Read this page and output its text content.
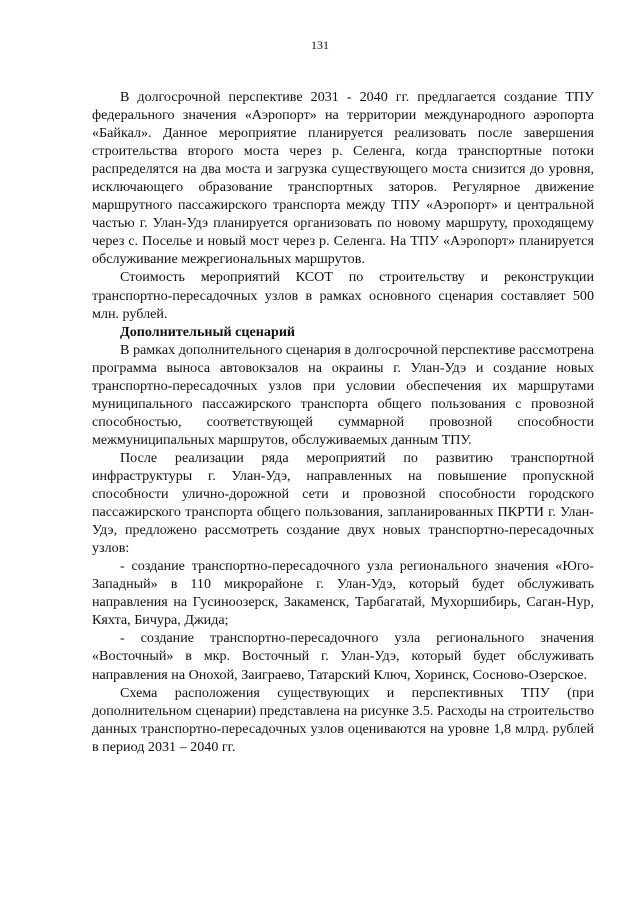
131

В долгосрочной перспективе 2031 - 2040 гг. предлагается создание ТПУ федерального значения «Аэропорт» на территории международного аэропорта «Байкал». Данное мероприятие планируется реализовать после завершения строительства второго моста через р. Селенга, когда транспортные потоки распределятся на два моста и загрузка существующего моста снизится до уровня, исключающего образование транспортных заторов. Регулярное движение маршрутного пассажирского транспорта между ТПУ «Аэропорт» и центральной частью г. Улан-Удэ планируется организовать по новому маршруту, проходящему через с. Поселье и новый мост через р. Селенга. На ТПУ «Аэропорт» планируется обслуживание межрегиональных маршрутов.

Стоимость мероприятий КСОТ по строительству и реконструкции транспортно-пересадочных узлов в рамках основного сценария составляет 500 млн. рублей.

Дополнительный сценарий

В рамках дополнительного сценария в долгосрочной перспективе рассмотрена программа выноса автовокзалов на окраины г. Улан-Удэ и создание новых транспортно-пересадочных узлов при условии обеспечения их маршрутами муниципального пассажирского транспорта общего пользования с провозной способностью, соответствующей суммарной провозной способности межмуниципальных маршрутов, обслуживаемых данным ТПУ.

После реализации ряда мероприятий по развитию транспортной инфраструктуры г. Улан-Удэ, направленных на повышение пропускной способности улично-дорожной сети и провозной способности городского пассажирского транспорта общего пользования, запланированных ПКРТИ г. Улан-Удэ, предложено рассмотреть создание двух новых транспортно-пересадочных узлов:

- создание транспортно-пересадочного узла регионального значения «Юго-Западный» в 110 микрорайоне г. Улан-Удэ, который будет обслуживать направления на Гусиноозерск, Закаменск, Тарбагатай, Мухоршибирь, Саган-Нур, Кяхта, Бичура, Джида;

- создание транспортно-пересадочного узла регионального значения «Восточный» в мкр. Восточный г. Улан-Удэ, который будет обслуживать направления на Онохой, Заиграево, Татарский Ключ, Хоринск, Сосново-Озерское.

Схема расположения существующих и перспективных ТПУ (при дополнительном сценарии) представлена на рисунке 3.5. Расходы на строительство данных транспортно-пересадочных узлов оцениваются на уровне 1,8 млрд. рублей в период 2031 – 2040 гг.
